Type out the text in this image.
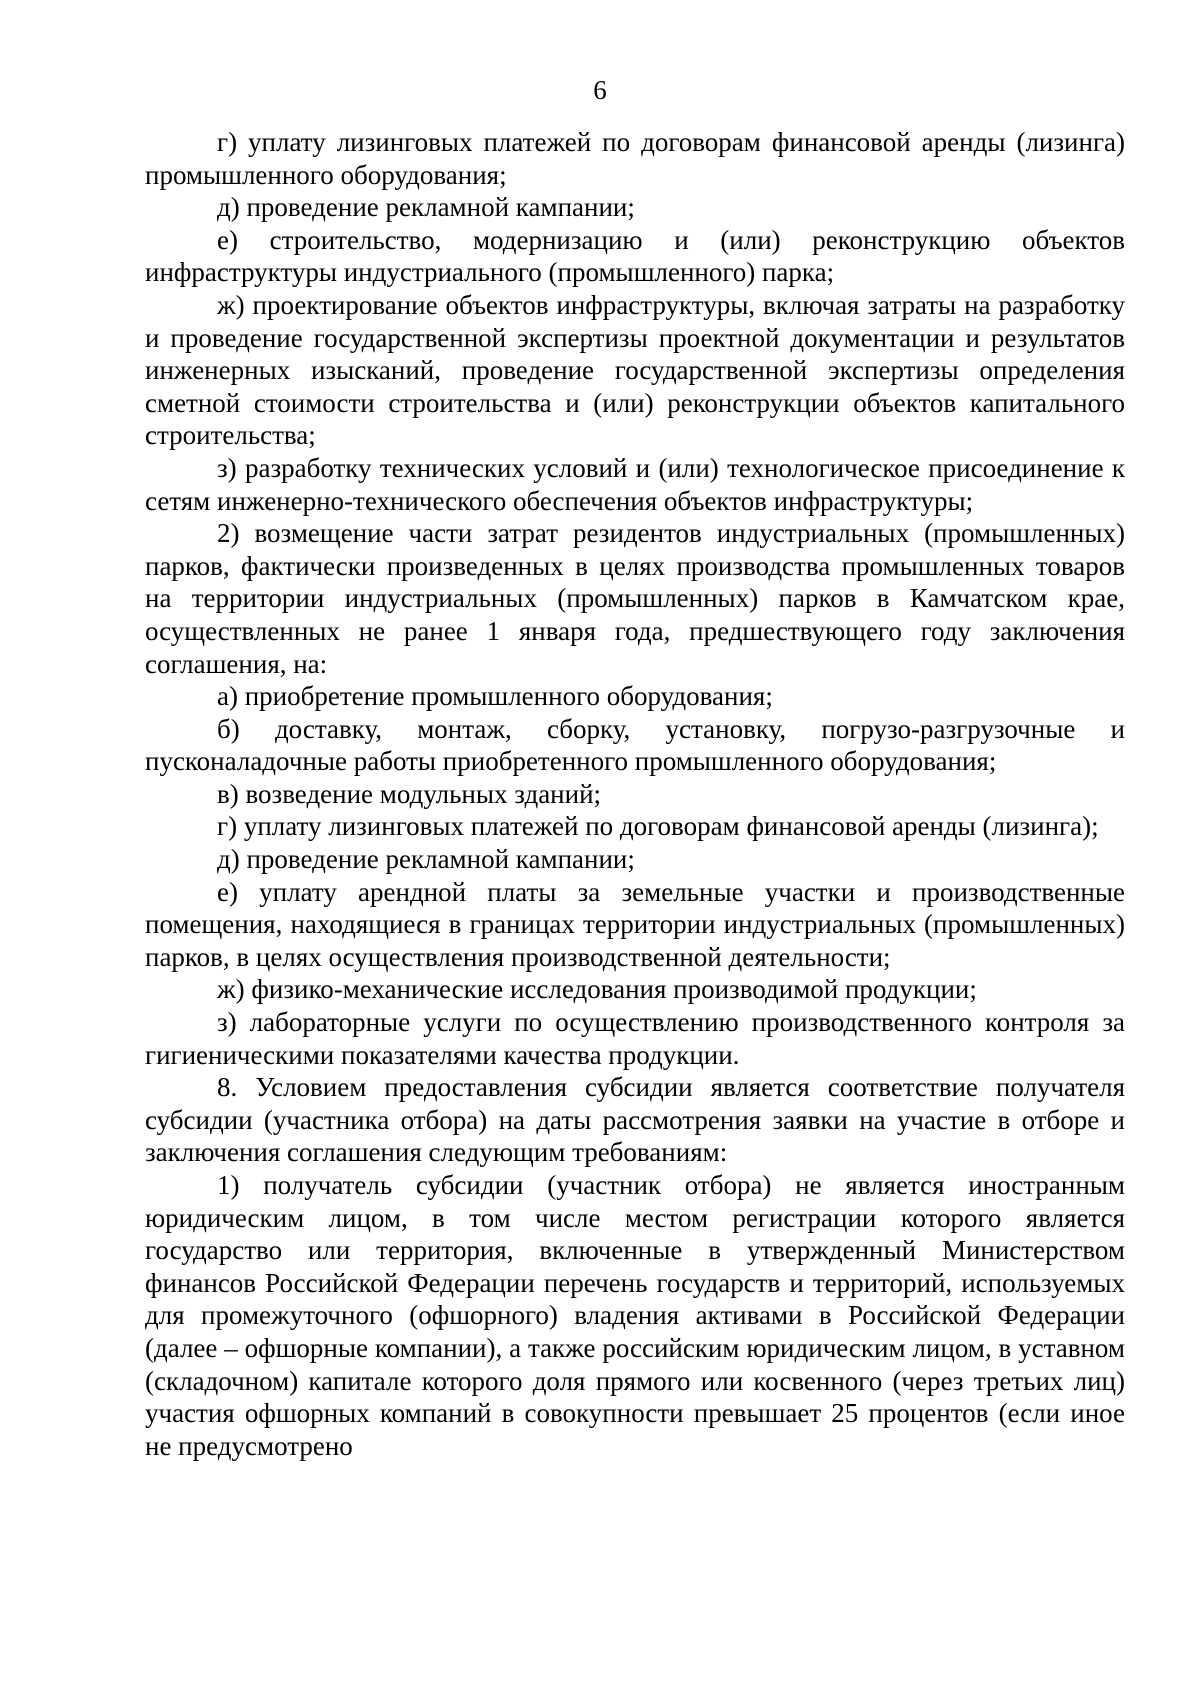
6

г) уплату лизинговых платежей по договорам финансовой аренды (лизинга) промышленного оборудования;

д) проведение рекламной кампании;

е) строительство, модернизацию и (или) реконструкцию объектов инфраструктуры индустриального (промышленного) парка;

ж) проектирование объектов инфраструктуры, включая затраты на разработку и проведение государственной экспертизы проектной документации и результатов инженерных изысканий, проведение государственной экспертизы определения сметной стоимости строительства и (или) реконструкции объектов капитального строительства;

з) разработку технических условий и (или) технологическое присоединение к сетям инженерно-технического обеспечения объектов инфраструктуры;

2) возмещение части затрат резидентов индустриальных (промышленных) парков, фактически произведенных в целях производства промышленных товаров на территории индустриальных (промышленных) парков в Камчатском крае, осуществленных не ранее 1 января года, предшествующего году заключения соглашения, на:

а) приобретение промышленного оборудования;

б) доставку, монтаж, сборку, установку, погрузо-разгрузочные и пусконаладочные работы приобретенного промышленного оборудования;

в) возведение модульных зданий;

г) уплату лизинговых платежей по договорам финансовой аренды (лизинга);

д) проведение рекламной кампании;

е) уплату арендной платы за земельные участки и производственные помещения, находящиеся в границах территории индустриальных (промышленных) парков, в целях осуществления производственной деятельности;

ж) физико-механические исследования производимой продукции;

з) лабораторные услуги по осуществлению производственного контроля за гигиеническими показателями качества продукции.

8. Условием предоставления субсидии является соответствие получателя субсидии (участника отбора) на даты рассмотрения заявки на участие в отборе и заключения соглашения следующим требованиям:

1) получатель субсидии (участник отбора) не является иностранным юридическим лицом, в том числе местом регистрации которого является государство или территория, включенные в утвержденный Министерством финансов Российской Федерации перечень государств и территорий, используемых для промежуточного (офшорного) владения активами в Российской Федерации (далее – офшорные компании), а также российским юридическим лицом, в уставном (складочном) капитале которого доля прямого или косвенного (через третьих лиц) участия офшорных компаний в совокупности превышает 25 процентов (если иное не предусмотрено
